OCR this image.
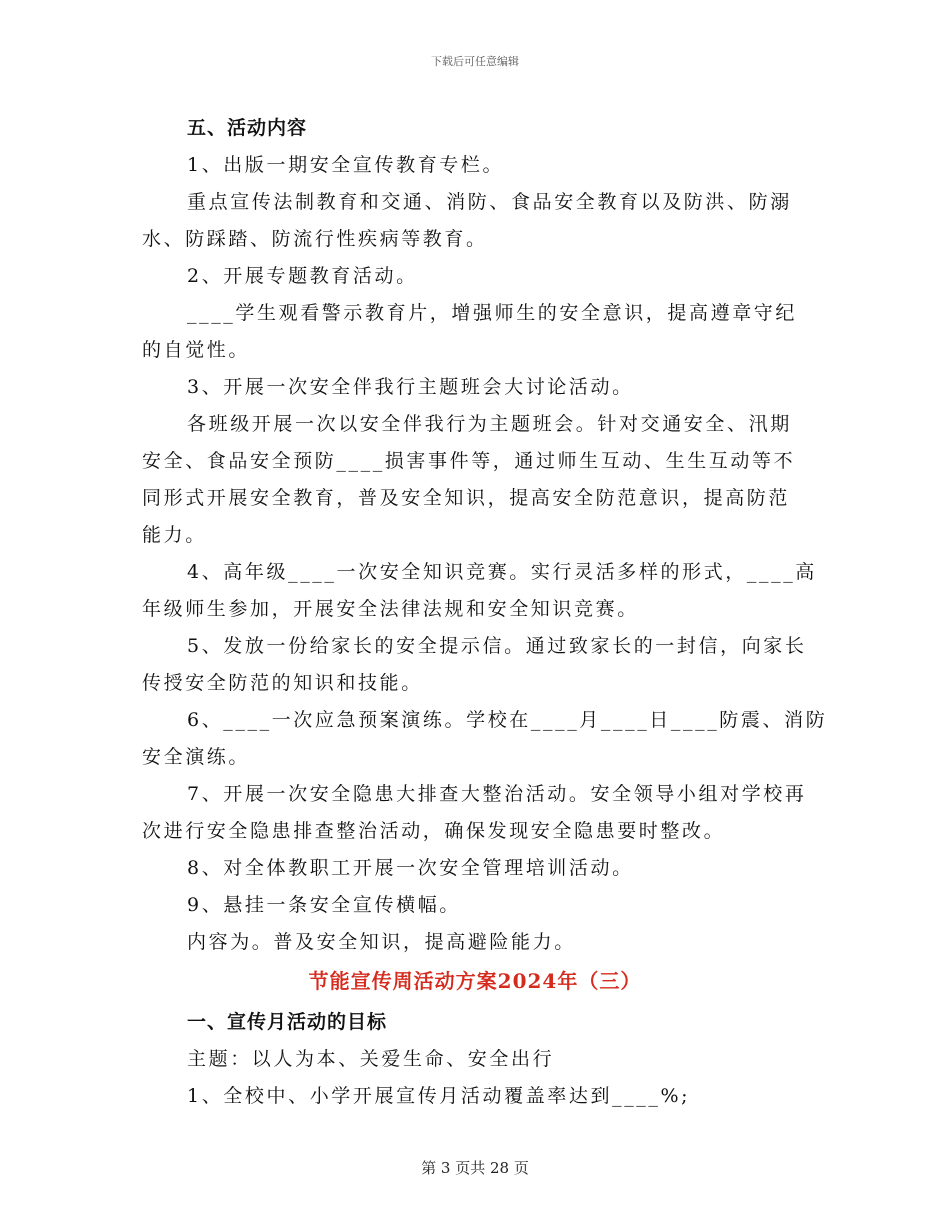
下载后可任意编辑
五、活动内容
1、出版一期安全宣传教育专栏。
重点宣传法制教育和交通、消防、食品安全教育以及防洪、防溺
水、防踩踏、防流行性疾病等教育。
2、开展专题教育活动。
____学生观看警示教育片，增强师生的安全意识，提高遵章守纪
的自觉性。
3、开展一次安全伴我行主题班会大讨论活动。
各班级开展一次以安全伴我行为主题班会。针对交通安全、汛期
安全、食品安全预防____损害事件等，通过师生互动、生生互动等不
同形式开展安全教育，普及安全知识，提高安全防范意识，提高防范
能力。
4、高年级____一次安全知识竞赛。实行灵活多样的形式，____高
年级师生参加，开展安全法律法规和安全知识竞赛。
5、发放一份给家长的安全提示信。通过致家长的一封信，向家长
传授安全防范的知识和技能。
6、____一次应急预案演练。学校在____月____日____防震、消防
安全演练。
7、开展一次安全隐患大排查大整治活动。安全领导小组对学校再
次进行安全隐患排查整治活动，确保发现安全隐患要时整改。
8、对全体教职工开展一次安全管理培训活动。
9、悬挂一条安全宣传横幅。
内容为。普及安全知识，提高避险能力。
节能宣传周活动方案2024年（三）
一、宣传月活动的目标
主题：以人为本、关爱生命、安全出行
1、全校中、小学开展宣传月活动覆盖率达到____%;
第 3 页共 28 页
